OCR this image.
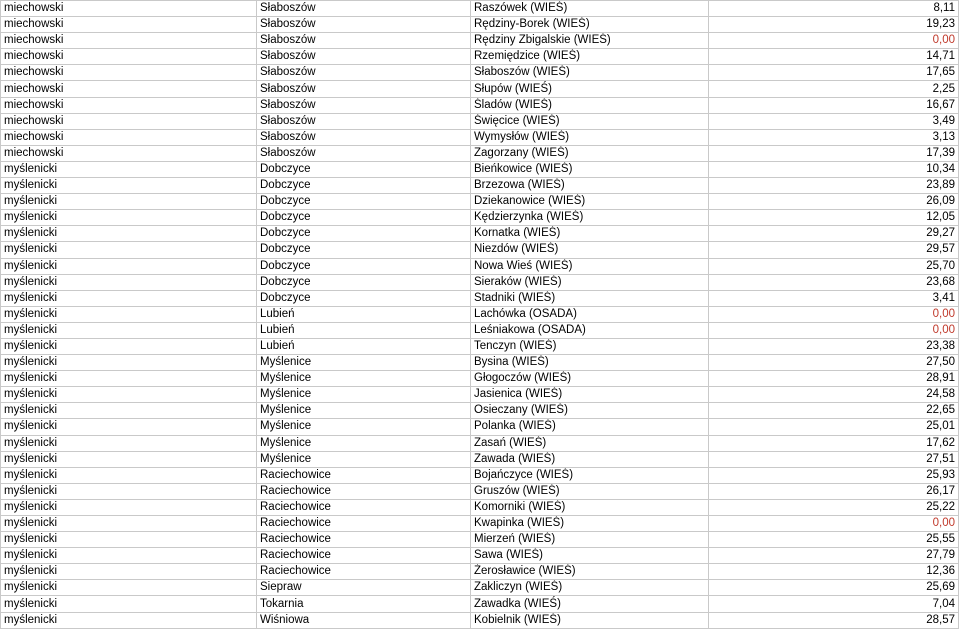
miechowski	Słaboszów	Raszówek (WIEŚ)	8,11
miechowski	Słaboszów	Rędziny-Borek (WIEŚ)	19,23
miechowski	Słaboszów	Rędziny Zbigalskie (WIEŚ)	0,00
miechowski	Słaboszów	Rzemiędzice (WIEŚ)	14,71
miechowski	Słaboszów	Słaboszów (WIEŚ)	17,65
miechowski	Słaboszów	Słupów (WIEŚ)	2,25
miechowski	Słaboszów	Śladów (WIEŚ)	16,67
miechowski	Słaboszów	Święcice (WIEŚ)	3,49
miechowski	Słaboszów	Wymysłów (WIEŚ)	3,13
miechowski	Słaboszów	Zagorzany (WIEŚ)	17,39
myślenicki	Dobczyce	Bieńkowice (WIEŚ)	10,34
myślenicki	Dobczyce	Brzezowa (WIEŚ)	23,89
myślenicki	Dobczyce	Dziekanowice (WIEŚ)	26,09
myślenicki	Dobczyce	Kędzierzynka (WIEŚ)	12,05
myślenicki	Dobczyce	Kornatka (WIEŚ)	29,27
myślenicki	Dobczyce	Niezdów (WIEŚ)	29,57
myślenicki	Dobczyce	Nowa Wieś (WIEŚ)	25,70
myślenicki	Dobczyce	Sieraków (WIEŚ)	23,68
myślenicki	Dobczyce	Stadniki (WIEŚ)	3,41
myślenicki	Lubień	Lachówka (OSADA)	0,00
myślenicki	Lubień	Leśniakowa (OSADA)	0,00
myślenicki	Lubień	Tenczyn (WIEŚ)	23,38
myślenicki	Myślenice	Bysina (WIEŚ)	27,50
myślenicki	Myślenice	Głogoczów (WIEŚ)	28,91
myślenicki	Myślenice	Jasienica (WIEŚ)	24,58
myślenicki	Myślenice	Osieczany (WIEŚ)	22,65
myślenicki	Myślenice	Polanka (WIEŚ)	25,01
myślenicki	Myślenice	Zasań (WIEŚ)	17,62
myślenicki	Myślenice	Zawada (WIEŚ)	27,51
myślenicki	Raciechowice	Bojańczyce (WIEŚ)	25,93
myślenicki	Raciechowice	Gruszów (WIEŚ)	26,17
myślenicki	Raciechowice	Komorniki (WIEŚ)	25,22
myślenicki	Raciechowice	Kwapinka (WIEŚ)	0,00
myślenicki	Raciechowice	Mierzeń (WIEŚ)	25,55
myślenicki	Raciechowice	Sawa (WIEŚ)	27,79
myślenicki	Raciechowice	Żerosławice (WIEŚ)	12,36
myślenicki	Siepraw	Zakliczyn (WIEŚ)	25,69
myślenicki	Tokarnia	Zawadka (WIEŚ)	7,04
myślenicki	Wiśniowa	Kobielnik (WIEŚ)	28,57
